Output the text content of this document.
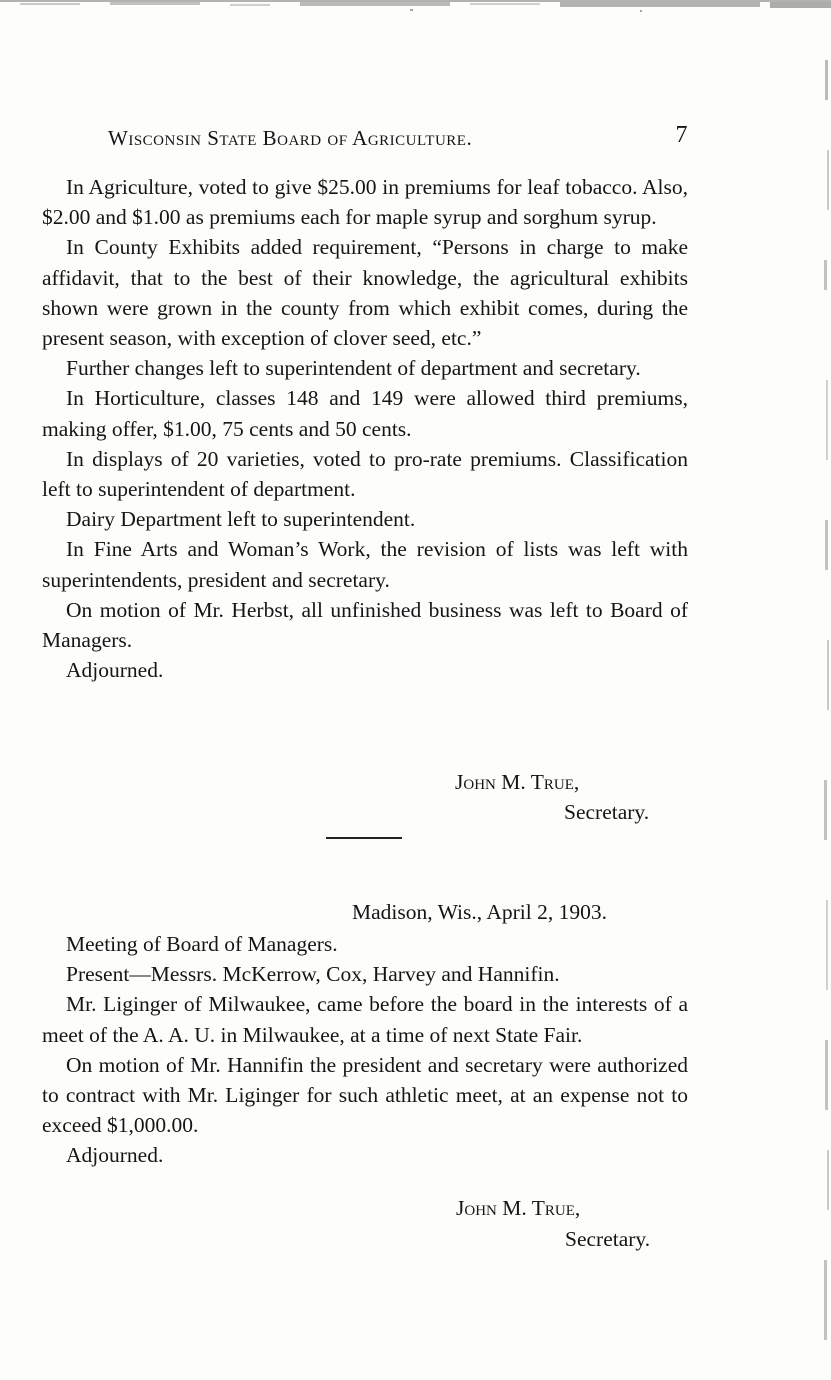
Wisconsin State Board of Agriculture.	7

In Agriculture, voted to give $25.00 in premiums for leaf tobacco. Also, $2.00 and $1.00 as premiums each for maple syrup and sorghum syrup.

In County Exhibits added requirement, “Persons in charge to make affidavit, that to the best of their knowledge, the agricultural exhibits shown were grown in the county from which exhibit comes, during the present season, with exception of clover seed, etc.”

Further changes left to superintendent of department and secretary.

In Horticulture, classes 148 and 149 were allowed third premiums, making offer, $1.00, 75 cents and 50 cents.

In displays of 20 varieties, voted to pro-rate premiums. Classification left to superintendent of department.

Dairy Department left to superintendent.

In Fine Arts and Woman’s Work, the revision of lists was left with superintendents, president and secretary.

On motion of Mr. Herbst, all unfinished business was left to Board of Managers.

Adjourned.

John M. True,
Secretary.
Madison, Wis., April 2, 1903.

Meeting of Board of Managers.

Present—Messrs. McKerrow, Cox, Harvey and Hannifin.

Mr. Liginger of Milwaukee, came before the board in the interests of a meet of the A. A. U. in Milwaukee, at a time of next State Fair.

On motion of Mr. Hannifin the president and secretary were authorized to contract with Mr. Liginger for such athletic meet, at an expense not to exceed $1,000.00.

Adjourned.

John M. True,
Secretary.
